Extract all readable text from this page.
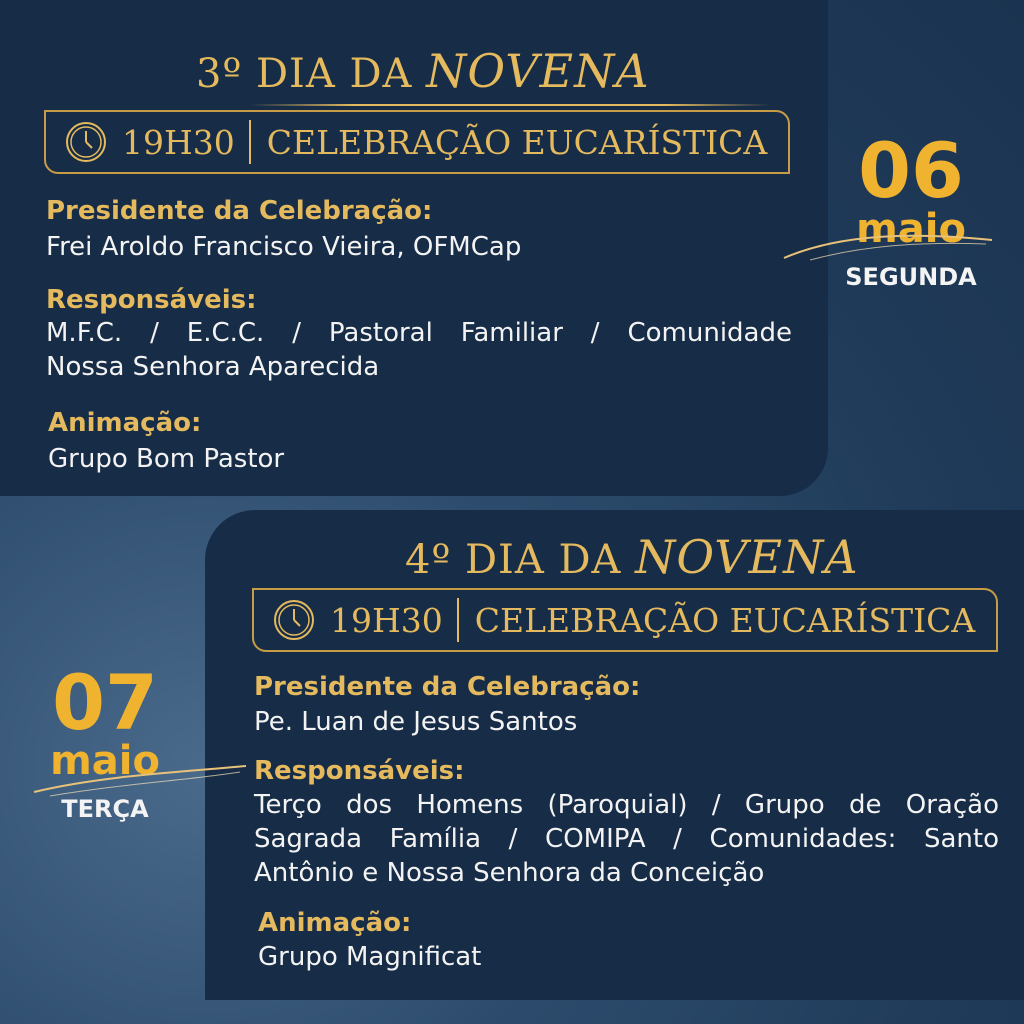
3º DIA DA NOVENA
19H30 CELEBRAÇÃO EUCARÍSTICA
Presidente da Celebração:
Frei Aroldo Francisco Vieira, OFMCap
Responsáveis:
M.F.C. / E.C.C. / Pastoral Familiar / Comunidade
Nossa Senhora Aparecida
Animação:
Grupo Bom Pastor
06
maio
SEGUNDA
4º DIA DA NOVENA
19H30 CELEBRAÇÃO EUCARÍSTICA
Presidente da Celebração:
Pe. Luan de Jesus Santos
Responsáveis:
Terço dos Homens (Paroquial) / Grupo de Oração
Sagrada Família / COMIPA / Comunidades: Santo
Antônio e Nossa Senhora da Conceição
Animação:
Grupo Magnificat
07
maio
TERÇA
